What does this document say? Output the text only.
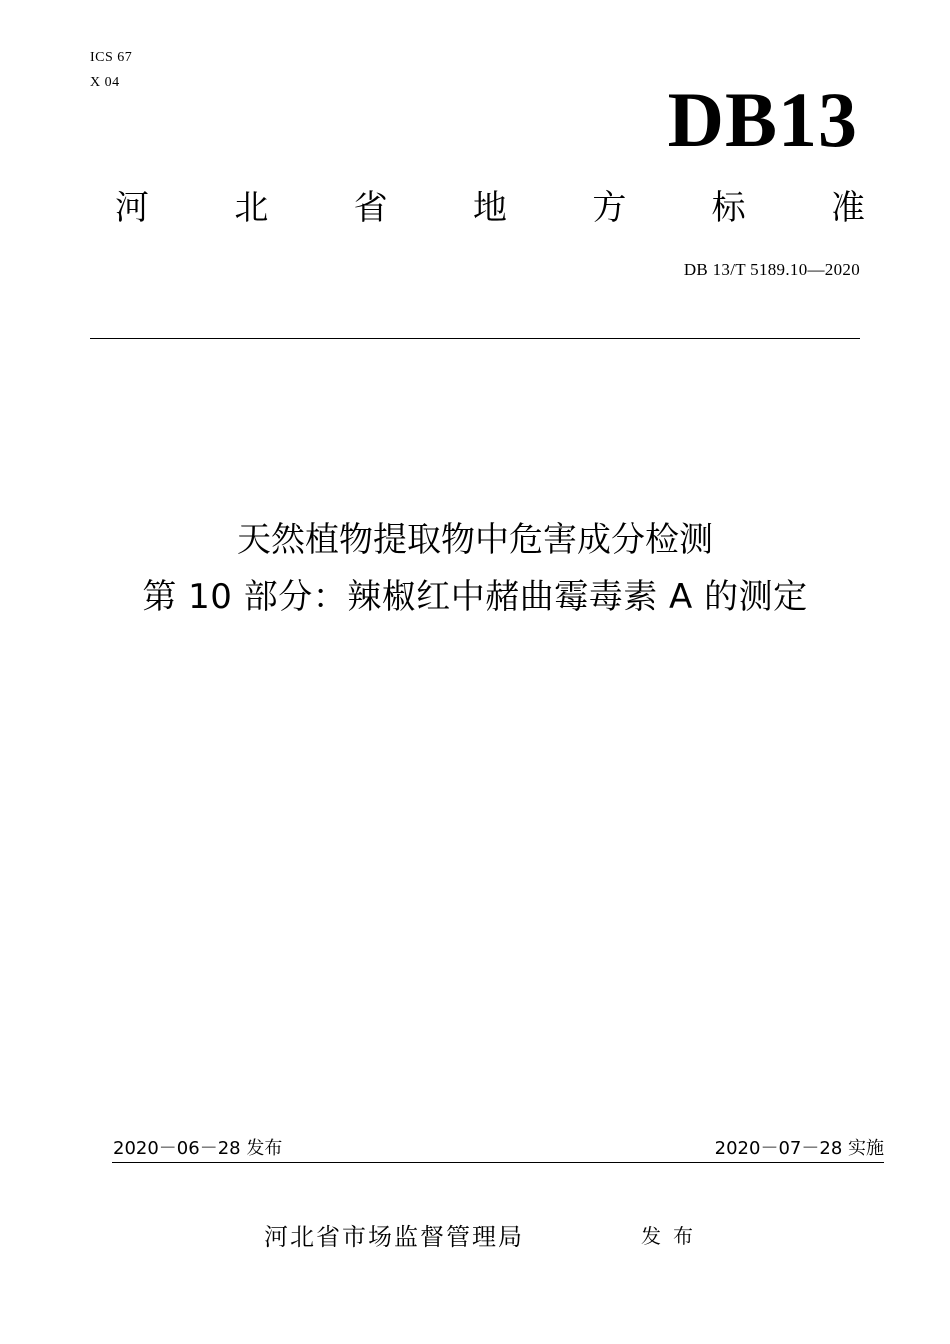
ICS 67
X 04	DB13
河	北	省	地	方	标	准
DB 13/T 5189.10—2020
天然植物提取物中危害成分检测
第 10 部分：辣椒红中赭曲霉毒素 A 的测定
2020－06－28 发布	2020－07－28 实施
河北省市场监督管理局	发布
